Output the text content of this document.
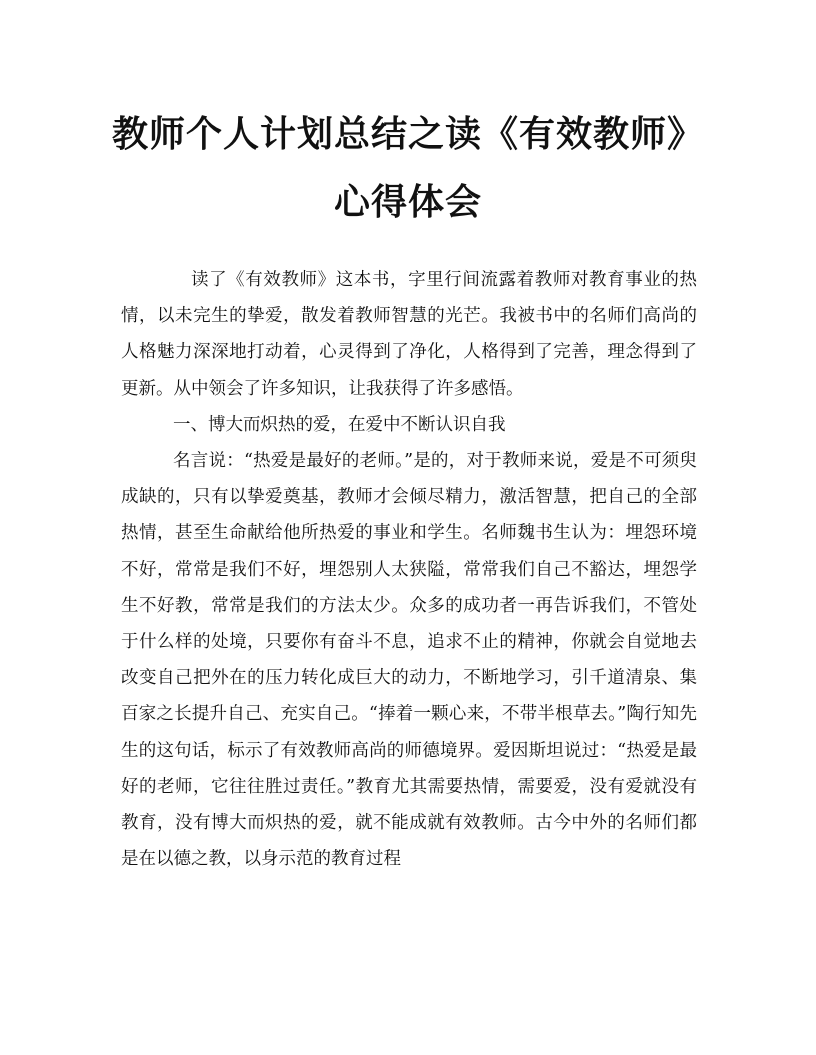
教师个人计划总结之读《有效教师》心得体会

读了《有效教师》这本书，字里行间流露着教师对教育事业的热情，以未完生的挚爱，散发着教师智慧的光芒。我被书中的名师们高尚的人格魅力深深地打动着，心灵得到了净化，人格得到了完善，理念得到了更新。从中领会了许多知识，让我获得了许多感悟。

一、博大而炽热的爱，在爱中不断认识自我

名言说：“热爱是最好的老师。”是的，对于教师来说，爱是不可须臾成缺的，只有以挚爱奠基，教师才会倾尽精力，激活智慧，把自己的全部热情，甚至生命献给他所热爱的事业和学生。名师魏书生认为：埋怨环境不好，常常是我们不好，埋怨别人太狭隘，常常我们自己不豁达，埋怨学生不好教，常常是我们的方法太少。众多的成功者一再告诉我们，不管处于什么样的处境，只要你有奋斗不息，追求不止的精神，你就会自觉地去改变自己把外在的压力转化成巨大的动力，不断地学习，引千道清泉、集百家之长提升自己、充实自己。“捧着一颗心来，不带半根草去。”陶行知先生的这句话，标示了有效教师高尚的师德境界。爱因斯坦说过：“热爱是最好的老师，它往往胜过责任。”教育尤其需要热情，需要爱，没有爱就没有教育，没有博大而炽热的爱，就不能成就有效教师。古今中外的名师们都是在以德之教，以身示范的教育过程
